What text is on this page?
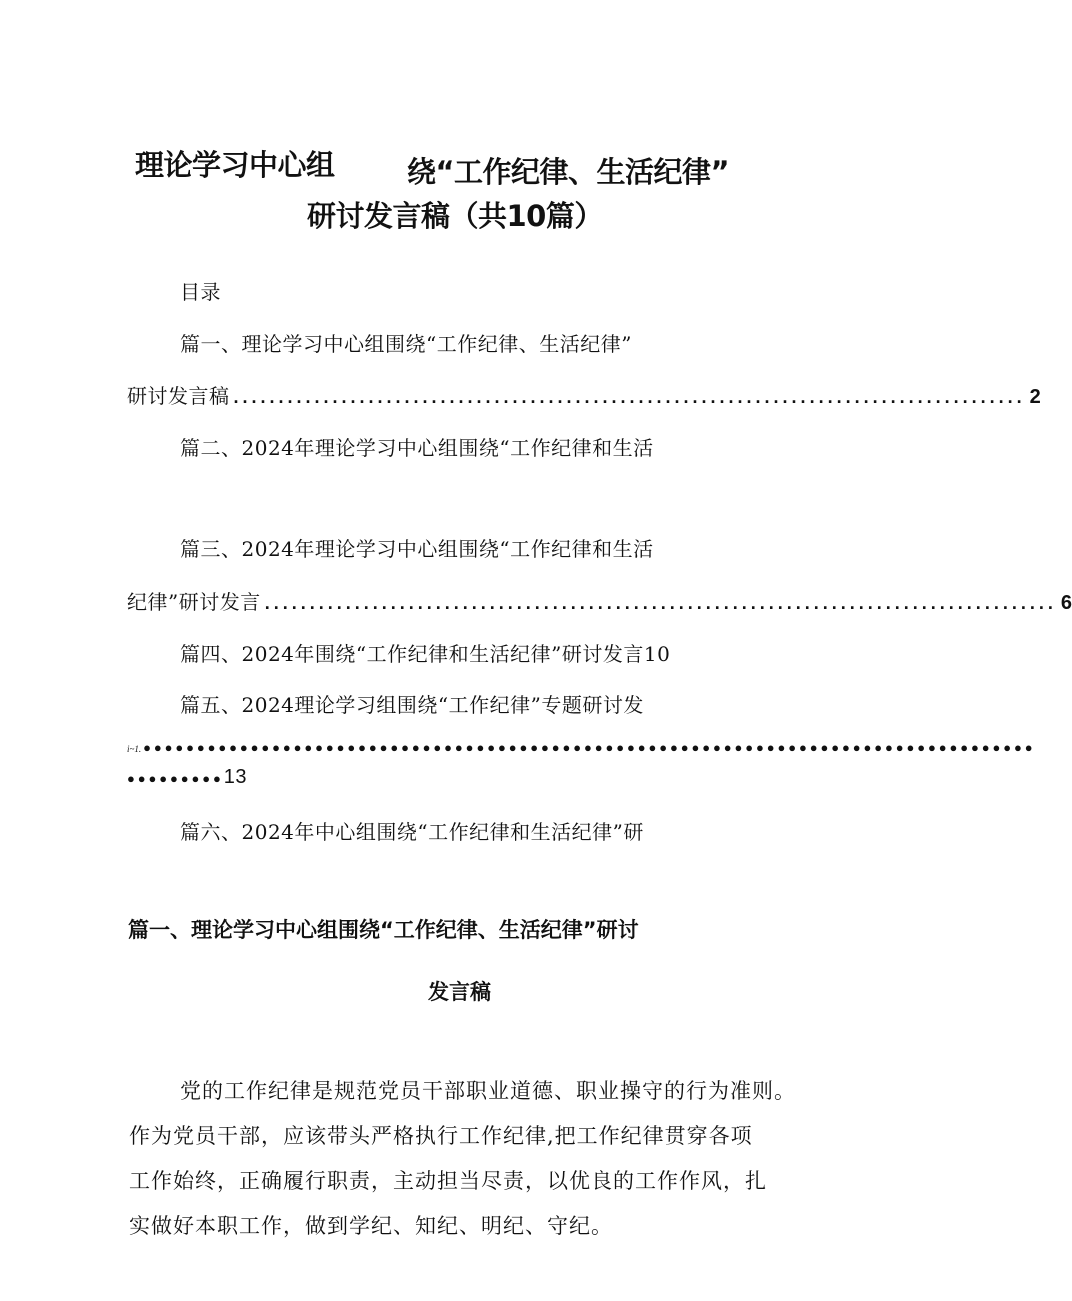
理论学习中心组 绕“工作纪律、生活纪律”
研讨发言稿（共10篇）
目录
篇一、理论学习中心组围绕“工作纪律、生活纪律”
研讨发言稿 ........................................................................................ 2
篇二、2024年理论学习中心组围绕“工作纪律和生活
篇三、2024年理论学习中心组围绕“工作纪律和生活
纪律”研讨发言 ........................................................................................ 6
篇四、2024年围绕“工作纪律和生活纪律”研讨发言10
篇五、2024理论学习组围绕“工作纪律”专题研讨发
i~1. ●●●●●●●●●●●●●●●●●●●●●●●●●●●●●●●●●●●●●●●●●●●●●●●●●●●●●●●●●●●●●●●●●●●●●●●●●●●●●●●●●●●
●●●●●●●●●13
篇六、2024年中心组围绕“工作纪律和生活纪律”研
篇一、理论学习中心组围绕“工作纪律、生活纪律”研讨
发言稿
党的工作纪律是规范党员干部职业道德、职业操守的行为准则。
作为党员干部，应该带头严格执行工作纪律,把工作纪律贯穿各项
工作始终，正确履行职责，主动担当尽责，以优良的工作作风，扎
实做好本职工作，做到学纪、知纪、明纪、守纪。
